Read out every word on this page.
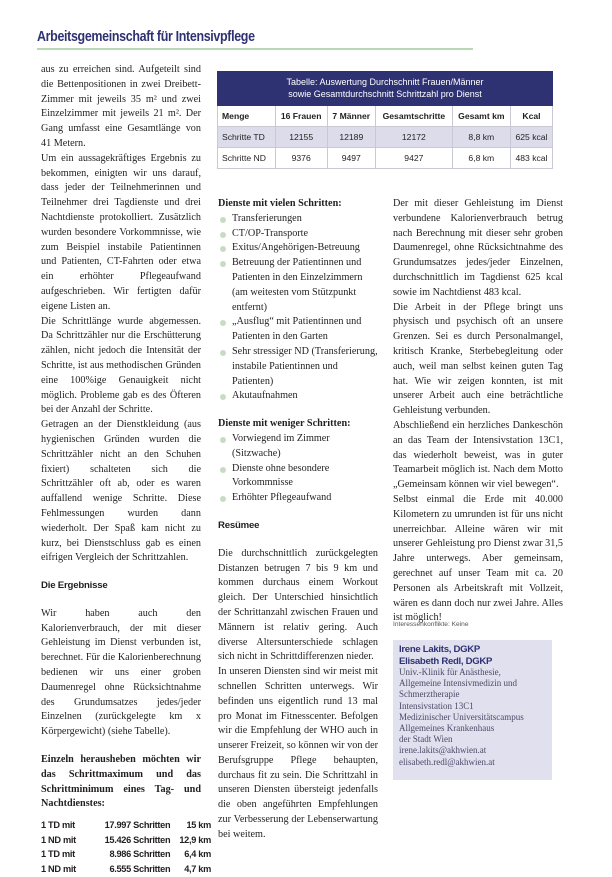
Arbeitsgemeinschaft für Intensivpflege
Tabelle: Auswertung Durchschnitt Frauen/Männer
sowie Gesamtdurchschnitt Schrittzahl pro Dienst					
Menge	16 Frauen	7 Männer	Gesamtschritte	Gesamt km	Kcal
Schritte TD	12155	12189	12172	8,8 km	625 kcal
Schritte ND	9376	9497	9427	6,8 km	483 kcal

aus zu erreichen sind. Aufgeteilt sind die Bettenpositionen in zwei Dreibett-Zimmer mit jeweils 35 m² und zwei Einzelzimmer mit jeweils 21 m². Der Gang umfasst eine Gesamtlänge von 41 Metern.

Um ein aussagekräftiges Ergebnis zu bekommen, einigten wir uns darauf, dass jeder der Teilnehmerinnen und Teilnehmer drei Tagdienste und drei Nachtdienste protokolliert. Zusätzlich wurden besondere Vorkommnisse, wie zum Beispiel instabile Patientinnen und Patienten, CT-Fahrten oder etwa ein erhöhter Pflegeaufwand aufgeschrieben. Wir fertigten dafür eigene Listen an.

Die Schrittlänge wurde abgemessen. Da Schrittzähler nur die Erschütterung zählen, nicht jedoch die Intensität der Schritte, ist aus methodischen Gründen eine 100%ige Genauigkeit nicht möglich. Probleme gab es des Öfteren bei der Anzahl der Schritte.

Getragen an der Dienstkleidung (aus hygienischen Gründen wurden die Schrittzähler nicht an den Schuhen fixiert) schalteten sich die Schrittzähler oft ab, oder es waren auffallend wenige Schritte. Diese Fehlmessungen wurden dann wiederholt. Der Spaß kam nicht zu kurz, bei Dienstschluss gab es einen eifrigen Vergleich der Schrittzahlen.

Die Ergebnisse

Wir haben auch den Kalorienverbrauch, der mit dieser Gehleistung im Dienst verbunden ist, berechnet. Für die Kalorienberechnung bedienen wir uns einer groben Daumenregel ohne Rücksichtnahme des Grundumsatzes jedes/jeder Einzelnen (zurückgelegte km x Körpergewicht) (siehe Tabelle).

Einzeln herausheben möchten wir das Schrittmaximum und das Schrittminimum eines Tag- und Nachtdienstes:

1 TD mit	17.997 Schritten	15 km
1 ND mit	15.426 Schritten	12,9 km
1 TD mit	8.986 Schritten	6,4 km
1 ND mit	6.555 Schritten	4,7 km
Dienste mit vielen Schritten:
Transferierungen
CT/OP-Transporte
Exitus/Angehörigen-Betreuung
Betreuung der Patientinnen und Patienten in den Einzelzimmern (am weitesten vom Stützpunkt entfernt)
„Ausflug“ mit Patientinnen und Patienten in den Garten
Sehr stressiger ND (Transferierung, instabile Patientinnen und Patienten)
Akutaufnahmen
Dienste mit weniger Schritten:
Vorwiegend im Zimmer (Sitzwache)
Dienste ohne besondere Vorkommnisse
Erhöhter Pflegeaufwand
Resümee

Die durchschnittlich zurückgelegten Distanzen betrugen 7 bis 9 km und kommen durchaus einem Workout gleich. Der Unterschied hinsichtlich der Schrittanzahl zwischen Frauen und Männern ist relativ gering. Auch diverse Altersunterschiede schlagen sich nicht in Schrittdifferenzen nieder.

In unseren Diensten sind wir meist mit schnellen Schritten unterwegs. Wir befinden uns eigentlich rund 13 mal pro Monat im Fitnesscenter. Befolgen wir die Empfehlung der WHO auch in unserer Freizeit, so können wir von der Berufsgruppe Pflege behaupten, durchaus fit zu sein. Die Schrittzahl in unseren Diensten übersteigt jedenfalls die oben angeführten Empfehlungen zur Verbesserung der Lebenserwartung bei weitem.

Der mit dieser Gehleistung im Dienst verbundene Kalorienverbrauch betrug nach Berechnung mit dieser sehr groben Daumenregel, ohne Rücksichtnahme des Grundumsatzes jedes/jeder Einzelnen, durchschnittlich im Tagdienst 625 kcal sowie im Nachtdienst 483 kcal.

Die Arbeit in der Pflege bringt uns physisch und psychisch oft an unsere Grenzen. Sei es durch Personalmangel, kritisch Kranke, Sterbebegleitung oder auch, weil man selbst keinen guten Tag hat. Wie wir zeigen konnten, ist mit unserer Arbeit auch eine beträchtliche Gehleistung verbunden.

Abschließend ein herzliches Dankeschön an das Team der Intensivstation 13C1, das wiederholt beweist, was in guter Teamarbeit möglich ist. Nach dem Motto „Gemeinsam können wir viel bewegen“.

Selbst einmal die Erde mit 40.000 Kilometern zu umrunden ist für uns nicht unerreichbar. Alleine wären wir mit unserer Gehleistung pro Dienst zwar 31,5 Jahre unterwegs. Aber gemeinsam, gerechnet auf unser Team mit ca. 20 Personen als Arbeitskraft mit Vollzeit, wären es dann doch nur zwei Jahre. Alles ist möglich!

Interessenkonflikte: Keine
Irene Lakits, DGKP
Elisabeth Redl, DGKP
Univ.-Klinik für Anästhesie,
Allgemeine Intensivmedizin und
Schmerztherapie
Intensivstation 13C1
Medizinischer Universitätscampus
Allgemeines Krankenhaus
der Stadt Wien
irene.lakits@akhwien.at
elisabeth.redl@akhwien.at
